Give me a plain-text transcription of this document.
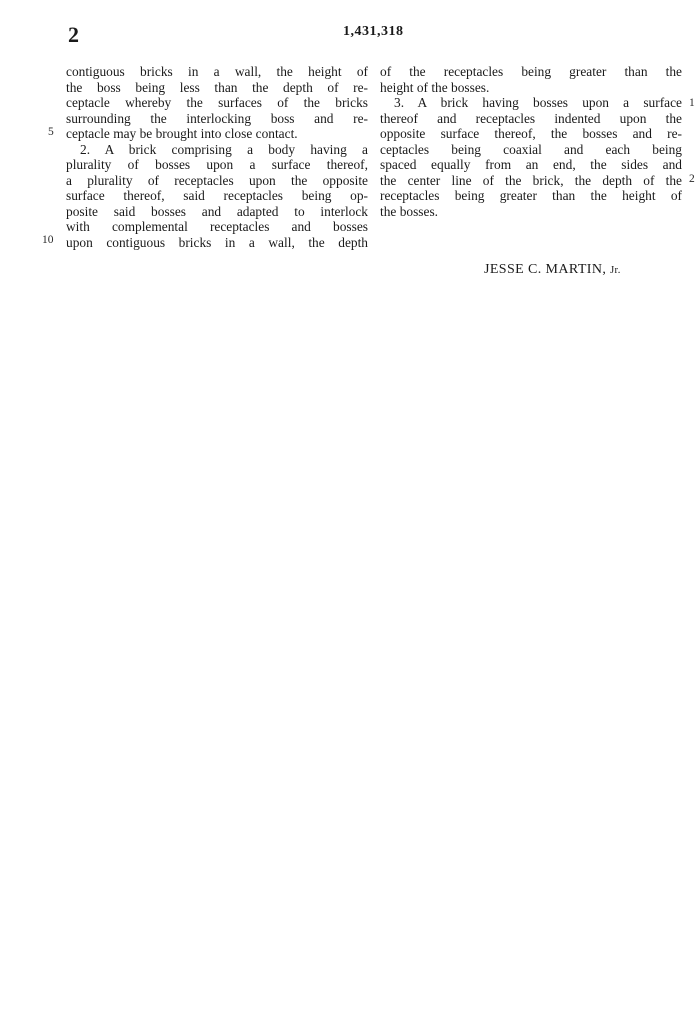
2	1,431,318
contiguous bricks in a wall, the height of
the boss being less than the depth of re-
ceptacle whereby the surfaces of the bricks
surrounding the interlocking boss and re-
ceptacle may be brought into close contact.
2. A brick comprising a body having a
plurality of bosses upon a surface thereof,
a plurality of receptacles upon the opposite
surface thereof, said receptacles being op-
posite said bosses and adapted to interlock
with complemental receptacles and bosses
upon contiguous bricks in a wall, the depth
of the receptacles being greater than the
height of the bosses.
3. A brick having bosses upon a surface
thereof and receptacles indented upon the
opposite surface thereof, the bosses and re-
ceptacles being coaxial and each being
spaced equally from an end, the sides and
the center line of the brick, the depth of the
receptacles being greater than the height of
the bosses.
5
10
1
2
JESSE C. MARTIN, Jr.
